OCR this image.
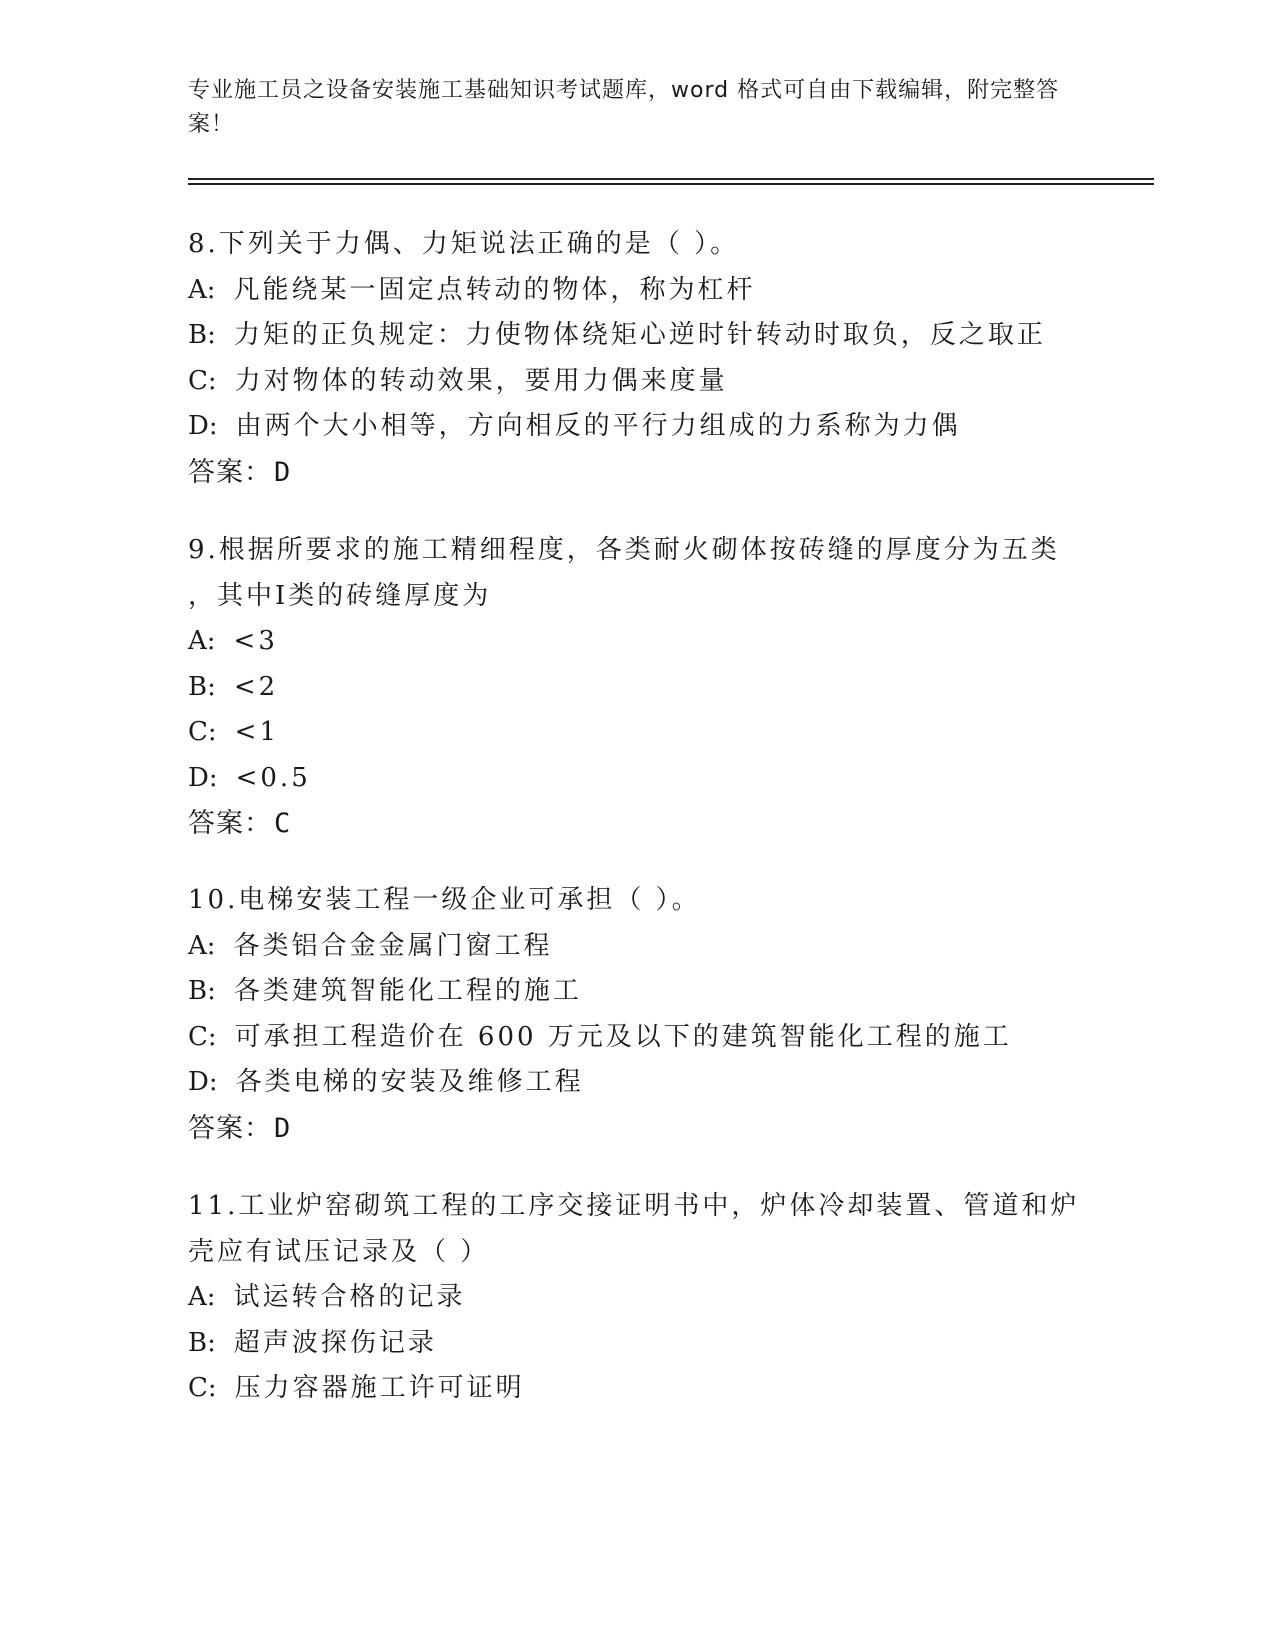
专业施工员之设备安装施工基础知识考试题库，word 格式可自由下载编辑，附完整答案！
8.下列关于力偶、力矩说法正确的是（ ）。
A: 凡能绕某一固定点转动的物体，称为杠杆
B: 力矩的正负规定：力使物体绕矩心逆时针转动时取负，反之取正
C: 力对物体的转动效果，要用力偶来度量
D: 由两个大小相等，方向相反的平行力组成的力系称为力偶
答案：D
9.根据所要求的施工精细程度，各类耐火砌体按砖缝的厚度分为五类
，其中Ⅰ类的砖缝厚度为
A: <3
B: <2
C: <1
D: <0.5
答案：C
10.电梯安装工程一级企业可承担（ ）。
A: 各类铝合金金属门窗工程
B: 各类建筑智能化工程的施工
C: 可承担工程造价在 600 万元及以下的建筑智能化工程的施工
D: 各类电梯的安装及维修工程
答案：D
11.工业炉窑砌筑工程的工序交接证明书中，炉体冷却装置、管道和炉
壳应有试压记录及（ ）
A: 试运转合格的记录
B: 超声波探伤记录
C: 压力容器施工许可证明
